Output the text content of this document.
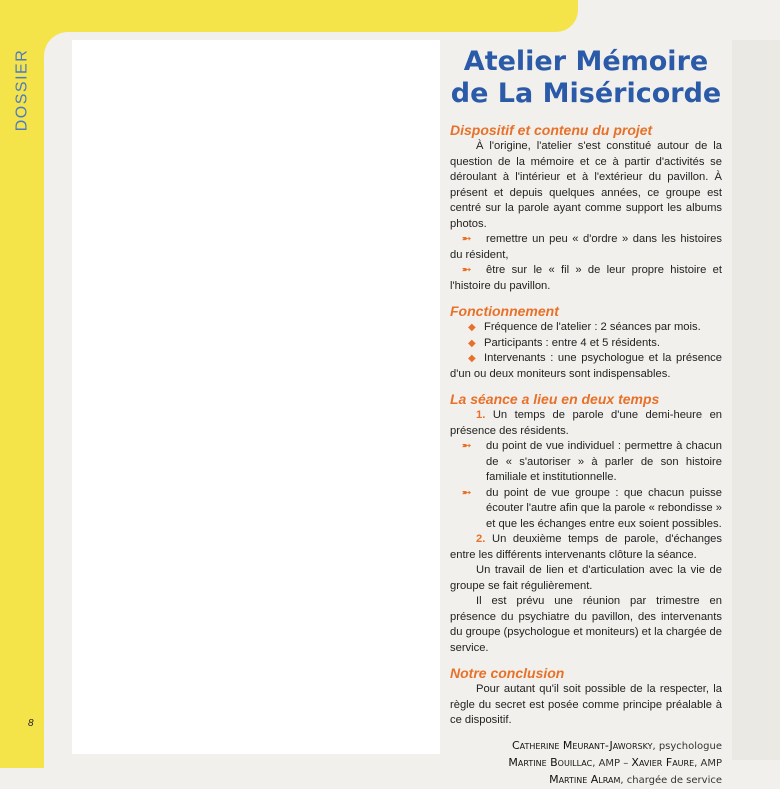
DOSSIER
8
Atelier Mémoire
de La Miséricorde
Dispositif et contenu du projet

À l'origine, l'atelier s'est constitué autour de la question de la mémoire et ce à partir d'activités se déroulant à l'intérieur et à l'extérieur du pavillon. À présent et depuis quelques années, ce groupe est centré sur la parole ayant comme support les albums photos.

➵ remettre un peu « d'ordre » dans les histoires du résident,

➵ être sur le « fil » de leur propre histoire et l'histoire du pavillon.

Fonctionnement

◆ Fréquence de l'atelier : 2 séances par mois.

◆ Participants : entre 4 et 5 résidents.

◆ Intervenants : une psychologue et la présence d'un ou deux moniteurs sont indispensables.

La séance a lieu en deux temps

1. Un temps de parole d'une demi-heure en présence des résidents.

➵ du point de vue individuel : permettre à chacun de « s'autoriser » à parler de son histoire familiale et institutionnelle.

➵ du point de vue groupe : que chacun puisse écouter l'autre afin que la parole « rebondisse » et que les échanges entre eux soient possibles.

2. Un deuxième temps de parole, d'échanges entre les différents intervenants clôture la séance.

Un travail de lien et d'articulation avec la vie de groupe se fait régulièrement.

Il est prévu une réunion par trimestre en présence du psychiatre du pavillon, des intervenants du groupe (psychologue et moniteurs) et la chargée de service.

Notre conclusion

Pour autant qu'il soit possible de la respecter, la règle du secret est posée comme principe préalable à ce dispositif.

Catherine Meurant-Jaworsky, psychologue
Martine Bouillac, AMP – Xavier Faure, AMP
Martine Alram, chargée de service
